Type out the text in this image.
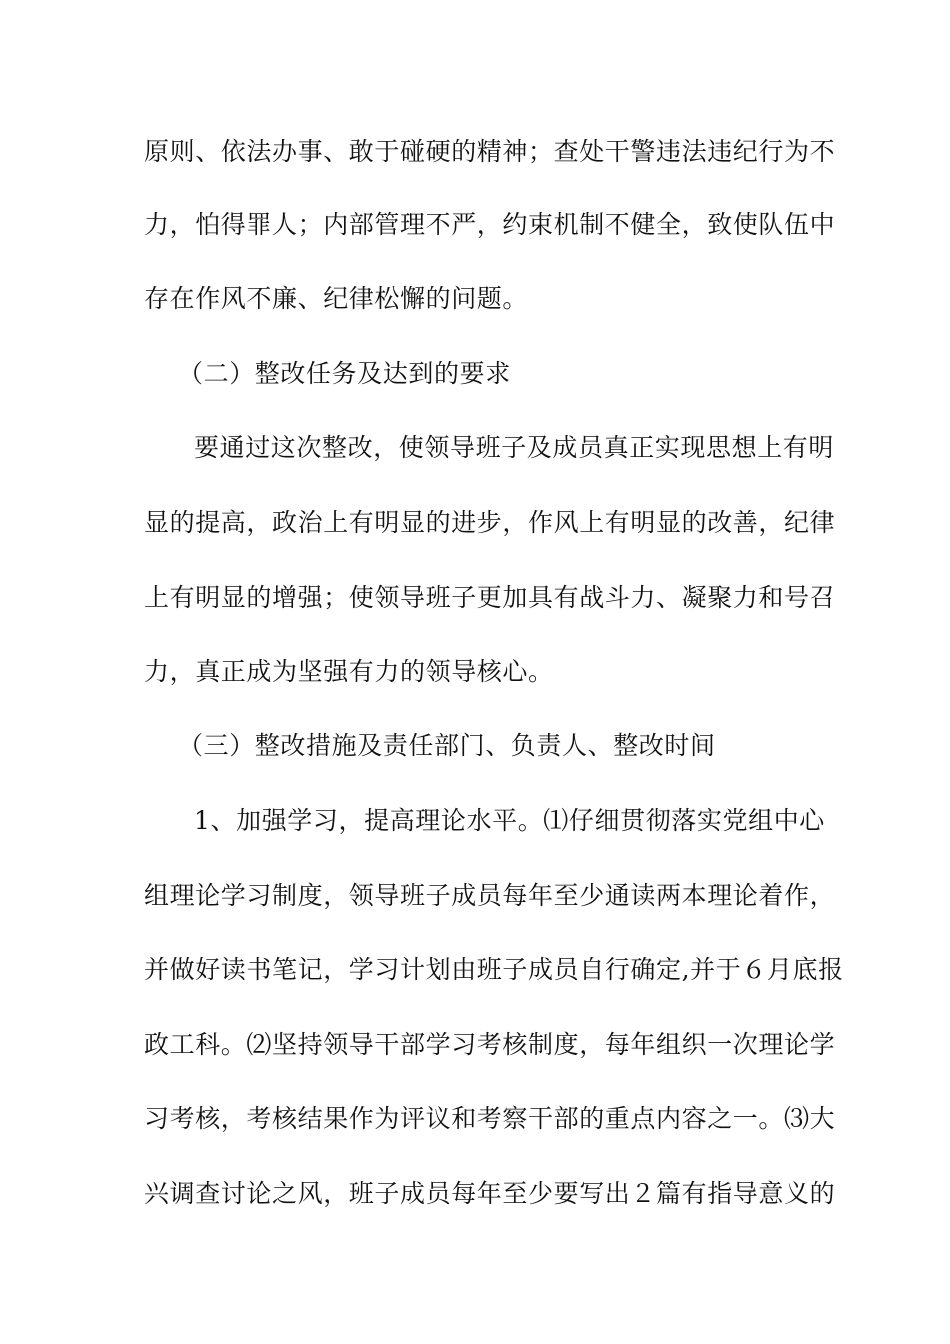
原则、依法办事、敢于碰硬的精神；查处干警违法违纪行为不
力，怕得罪人；内部管理不严，约束机制不健全，致使队伍中
存在作风不廉、纪律松懈的问题。
（二）整改任务及达到的要求
要通过这次整改，使领导班子及成员真正实现思想上有明
显的提高，政治上有明显的进步，作风上有明显的改善，纪律
上有明显的增强；使领导班子更加具有战斗力、凝聚力和号召
力，真正成为坚强有力的领导核心。
（三）整改措施及责任部门、负责人、整改时间
1、加强学习，提高理论水平。⑴仔细贯彻落实党组中心
组理论学习制度，领导班子成员每年至少通读两本理论着作，
并做好读书笔记，学习计划由班子成员自行确定,并于６月底报
政工科。⑵坚持领导干部学习考核制度，每年组织一次理论学
习考核，考核结果作为评议和考察干部的重点内容之一。⑶大
兴调查讨论之风，班子成员每年至少要写出２篇有指导意义的
